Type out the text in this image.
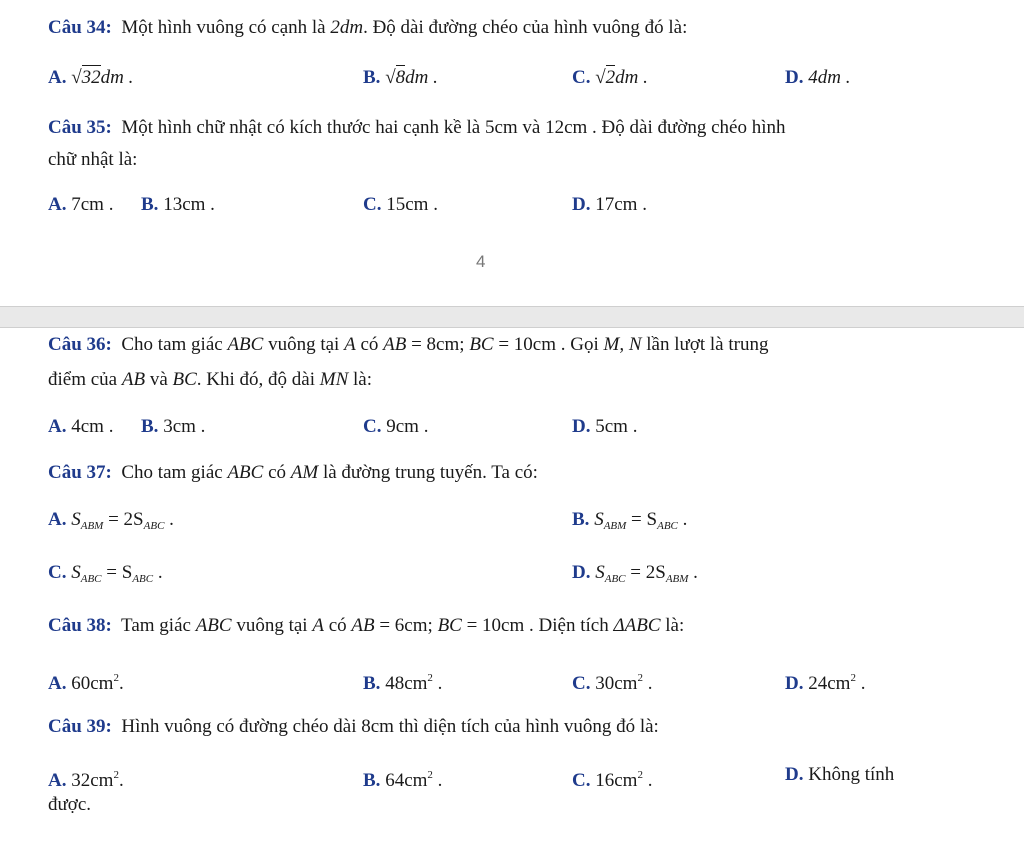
Câu 34: Một hình vuông có cạnh là 2dm. Độ dài đường chéo của hình vuông đó là:
A. √32dm .	B. √8dm .	C. √2dm .	D. 4dm .
Câu 35: Một hình chữ nhật có kích thước hai cạnh kề là 5cm và 12cm . Độ dài đường chéo hình
chữ nhật là:
A. 7cm . B. 13cm .	C. 15cm .	D. 17cm .
4
Câu 36: Cho tam giác ABC vuông tại A có AB = 8cm; BC = 10cm . Gọi M, N lần lượt là trung
điểm của AB và BC. Khi đó, độ dài MN là:
A. 4cm . B. 3cm .	C. 9cm .	D. 5cm .
Câu 37: Cho tam giác ABC có AM là đường trung tuyến. Ta có:
A. $S_{ABM} = 2S_{ABC}$ .	B. $S_{ABM} = S_{ABC}$ .
C. $S_{ABC} = S_{ABC}$ .	D. $S_{ABC} = 2S_{ABM}$ .
Câu 38: Tam giác ABC vuông tại A có AB = 6cm; BC = 10cm . Diện tích ΔABC là:
A. $60cm^2$.	B. $48cm^2$ .	C. $30cm^2$ .	D. $24cm^2$ .
Câu 39: Hình vuông có đường chéo dài 8cm thì diện tích của hình vuông đó là:
A. $32cm^2$.	B. $64cm^2$ .	C. $16cm^2$ .	D. Không tính
được.
